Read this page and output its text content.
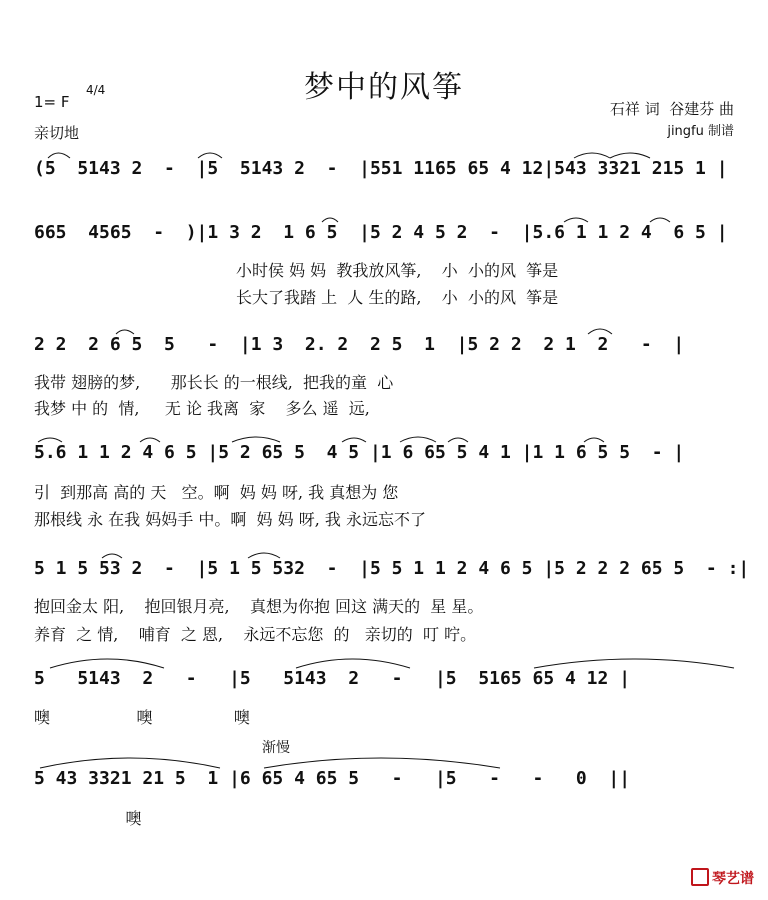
梦中的风筝
1= F
4/4
亲切地
石祥 词  谷建芬 曲
jingfu 制谱
(5  5143 2  -  |5  5143 2  -  |551 1165 65 4 12|543 3321 215 1 |
665  4565  -  )|1 3 2  1 6 5  |5 2 4 5 2  -  |5.6 1 1 2 4  6 5 |
小时侯 妈 妈  教我放风筝,    小  小的风  筝是
长大了我踏 上  人 生的路,    小  小的风  筝是
2 2  2 6 5  5   -  |1 3  2. 2  2 5  1  |5 2 2  2 1  2   -  |
我带 翅膀的梦,      那长长 的一根线,  把我的童  心
我梦 中 的  情,     无 论 我离  家    多么 遥  远,
5.6 1 1 2 4 6 5 |5 2 65 5  4 5 |1 6 65 5 4 1 |1 1 6 5 5  - |
引  到那高 高的 天   空。啊  妈 妈 呀, 我 真想为 您
那根线 永 在我 妈妈手 中。啊  妈 妈 呀, 我 永远忘不了
5 1 5 53 2  -  |5 1 5 532  -  |5 5 1 1 2 4 6 5 |5 2 2 2 65 5  - :|
抱回金太 阳,    抱回银月亮,    真想为你抱 回这 满天的  星 星。
养育  之 情,    哺育  之 恩,    永远不忘您  的   亲切的  叮 咛。
5   5143  2   -   |5   5143  2   -   |5  5165 65 4 12 |
噢                 噢                噢
渐慢
5 43 3321 21 5  1 |6 65 4 65 5   -   |5   -   -   0  ||
噢

琴艺谱
